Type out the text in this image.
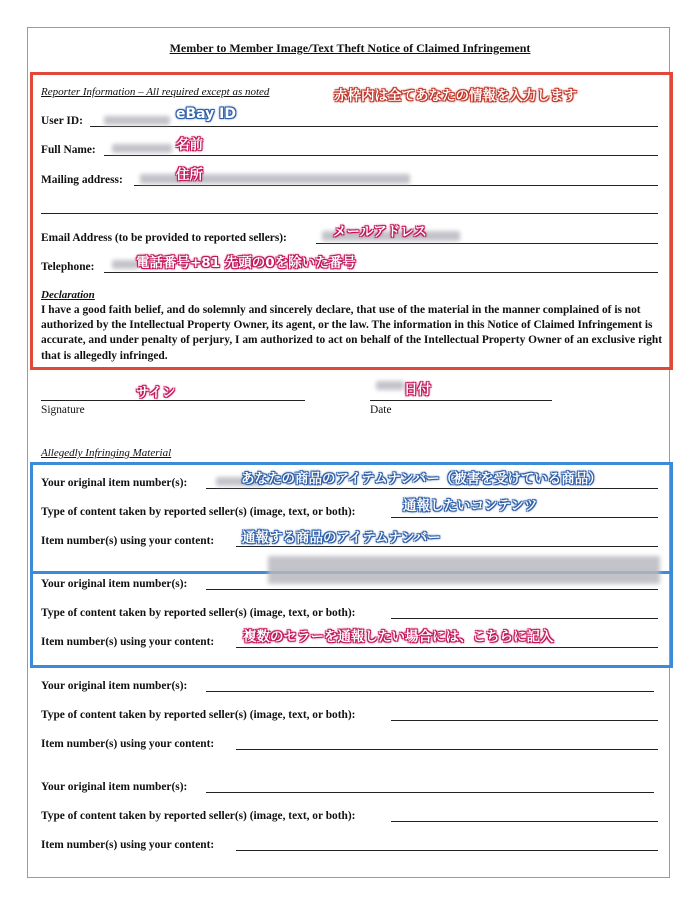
Member to Member Image/Text Theft Notice of Claimed Infringement
Reporter Information – All required except as noted	赤枠内は全てあなたの情報を入力します
User ID:	eBay ID
Full Name:	名前
Mailing address:	住所
Email Address (to be provided to reported sellers):	メールアドレス
Telephone:	電話番号+81 先頭の0を除いた番号
Declaration
I have a good faith belief, and do solemnly and sincerely declare, that use of the material in the manner complained of is not authorized by the Intellectual Property Owner, its agent, or the law. The information in this Notice of Claimed Infringement is accurate, and under penalty of perjury, I am authorized to act on behalf of the Intellectual Property Owner of an exclusive right that is allegedly infringed.
サイン
Signature
日付
Date
Allegedly Infringing Material
Your original item number(s):	あなたの商品のアイテムナンバー（被害を受けている商品）
Type of content taken by reported seller(s) (image, text, or both):	通報したいコンテンツ
Item number(s) using your content: 通報する商品のアイテムナンバー
Your original item number(s):
Type of content taken by reported seller(s) (image, text, or both):
Item number(s) using your content: 複数のセラーを通報したい場合には、こちらに記入
Your original item number(s):
Type of content taken by reported seller(s) (image, text, or both):
Item number(s) using your content:
Your original item number(s):
Type of content taken by reported seller(s) (image, text, or both):
Item number(s) using your content:
